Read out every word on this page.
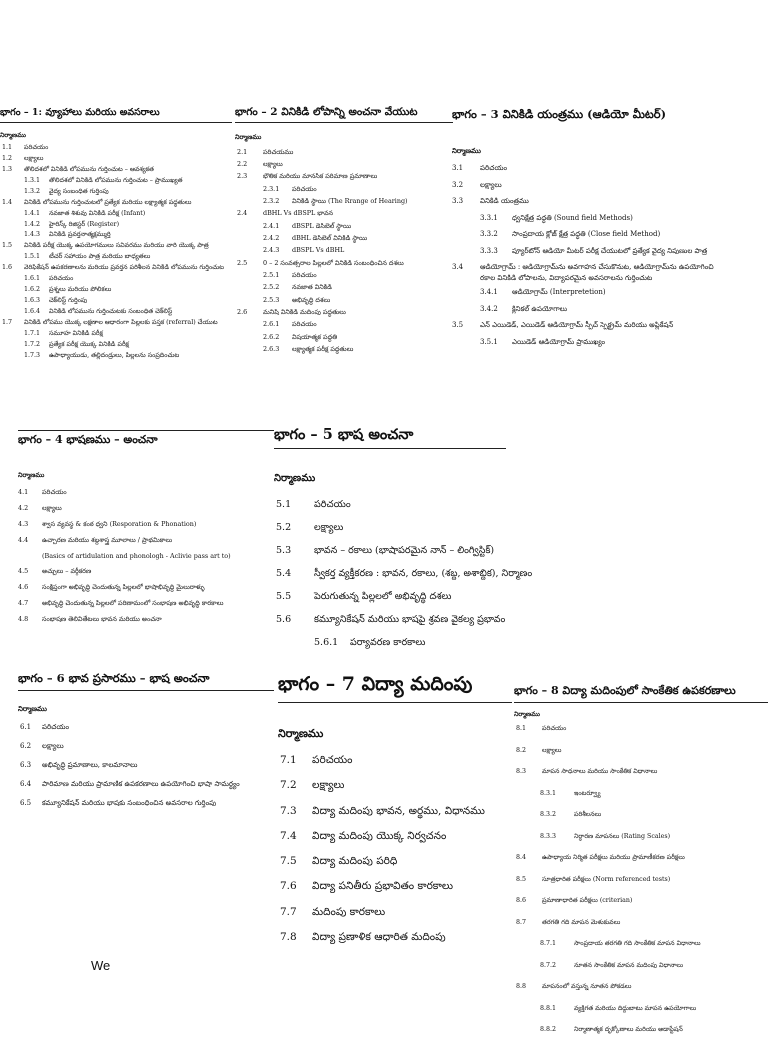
భాగం – 1: వ్యూహాలు మరియు అవసరాలు
నిర్మాణము
1.1 పరిచయం
1.2 లక్ష్యాలు
1.3 తొలిదశలో వినికిడి లోపమును గుర్తించుట – ఆవశ్యకత
1.3.1 తొలిదశలో వినికిడి లోపమును గుర్తించుట – ప్రాముఖ్యత
1.3.2 వైద్య సంబంధిత గుర్తింపు
1.4 వినికిడి లోపమును గుర్తించుటలో ప్రత్యేక మరియు లక్ష్యాత్మక పద్ధతులు
1.4.1 నవజాత శిశువు వినికిడి పరీక్ష (Infant)
1.4.2 హైరిస్క్ రిజిస్టర్ (Register)
1.4.3 వినికిడి ప్రవర్తనాత్మక్షమ్ముర్తి
1.5 వినికిడి పరీక్ష యొక్క ఉపయోగములు సవివరము మరియు వారి యొక్క పాత్ర
1.5.1 టీచర్ సహాయం పాత్ర మరియు బాధ్యతలు
1.6 వెరిఫికేషన్ ఉపకరణాలను మరియు ప్రవర్తన పరిశీలన వినికిడి లోపమును గుర్తించుట
1.6.1 పరిచయం
1.6.2 ప్రశ్నలు మరియు పోలికలు
1.6.3 చెక్‌లిస్ట్ గుర్తింపు
1.6.4 వినికిడి లోపమును గుర్తించుటకు సంబంధిత చెక్‌లిస్ట్
1.7 వినికిడి లోపము యొక్క లక్షణాల ఆధారంగా పిల్లలకు పస్తక (referral) చేయుట
1.7.1 సమూహ వినికిడి పరీక్ష
1.7.2 ప్రత్యేక పరీక్ష యొక్క వినికిడి పరీక్ష
1.7.3 ఉపాధ్యాయుడు, తల్లిదండ్రులు, పిల్లలను సంప్రదించుట
భాగం – 2 వినికిడి లోపాన్ని అంచనా వేయుట
నిర్మాణము
2.1 పరిచయము
2.2 లక్ష్యాలు
2.3 భౌతిక మరియు మానసిక పరిమాణ ప్రమాణాలు
2.3.1 పరిచయం
2.3.2 వినికిడి స్థాయి (The Rrange of Hearing)
2.4 dBHL Vs dBSPL భావన
2.4.1 dBSPL డెసిబెల్ స్థాయి
2.4.2 dBHL డెసిబెల్ వినికిడి స్థాయి
2.4.3 dBSPL Vs dBHL
2.5 0 – 2 సంవత్సరాల పిల్లలలో వినికిడి సంబంధించిన దశలు
2.5.1 పరిచయం
2.5.2 నవజాత వినికిడి
2.5.3 అభివృద్ధి దశలు
2.6 మనిషి వినికిడి మదింపు పద్ధతులు
2.6.1 పరిచయం
2.6.2 విషయాత్మక పద్ధతి
2.6.3 లక్ష్యాత్మక పరీక్ష పద్ధతులు
భాగం – 3 వినికిడి యంత్రము (ఆడియో మీటర్)
నిర్మాణము
3.1 పరిచయం
3.2 లక్ష్యాలు
3.3 వినికిడి యంత్రము
3.3.1 ధ్వనిక్షేత్ర పద్ధతి (Sound field Methods)
3.3.2 సాంప్రదాయ క్లోజ్ క్షేత్ర పద్ధతి (Close field Method)
3.3.3 ప్యూర్‌టోన్ ఆడియో మీటర్ పరీక్ష చేయుటలో ప్రత్యేక వైద్య నిపుణుల పాత్ర
3.4 ఆడియోగ్రామ్ : ఆడియోగ్రామ్‌ను అవగాహన చేసుకొనుట, ఆడియోగ్రామ్‌ను ఉపయోగించి
రకాల వినికిడి లోపాలను, విద్యాపరమైన అవసరాలను గుర్తించుట
3.4.1 ఆడియోగ్రామ్ (Interpretetion)
3.4.2 క్లినికల్ ఉపయోగాలు
3.5 ఎన్ ఎయిడెడ్, ఎయిడెడ్ ఆడియోగ్రామ్ స్పీచ్ స్పెక్ట్రమ్ మరియు అప్లికేషన్
3.5.1 ఎయిడెడ్ ఆడియోగ్రామ్ ప్రాముఖ్యం
భాగం – 4 భాషణము – అంచనా
నిర్మాణము
4.1 పరిచయం
4.2 లక్ష్యాలు
4.3 శ్వాస వ్యవస్థ & కంఠ ధ్వని (Resporation & Phonation)
4.4 ఉచ్చారణ మరియు శబ్దశాస్త్ర మూలాలు / ప్రాథమికాలు
(Basics of artidulation and phonologh - Aclivie pass art to)
4.5 అచ్చులు – వర్గీకరణ
4.6 సంక్షిప్తంగా అభివృద్ధి చెందుతున్న పిల్లలలో భాషాభివృద్ధి మైలురాళ్ళు
4.7 అభివృద్ధి చెందుతున్న పిల్లలలో పరిణామంలో సంభాషణ అభివృద్ధి కారకాలు
4.8 సంభాషణ తెలివితేటలు భావన మరియు అంచనా
భాగం – 5 భాష అంచనా
నిర్మాణము
5.1 పరిచయం
5.2 లక్ష్యాలు
5.3 భావన – రకాలు (భాషాపరమైన నాన్ – లింగ్విస్టిక్)
5.4 స్వీకర్త వ్యక్తీకరణ : భావన, రకాలు, (శబ్ద, అశాబ్దిక), నిర్మాణం
5.5 పెరుగుతున్న పిల్లలలో అభివృద్ధి దశలు
5.6 కమ్యూనికేషన్ మరియు భాషపై శ్రవణ వైకల్య ప్రభావం
5.6.1 పర్యావరణ కారకాలు
భాగం – 6 భావ ప్రసారము – భాష అంచనా
నిర్మాణము
6.1 పరిచయం
6.2 లక్ష్యాలు
6.3 అభివృద్ధి ప్రమాణాలు, కాలమానాలు
6.4 పారిమాణ మరియు ప్రామాణిక ఉపకరణాలు ఉపయోగించి భాషా సామర్థ్యం
6.5 కమ్యూనికేషన్ మరియు భాషకు సంబంధించిన అవసరాల గుర్తింపు
భాగం – 7 విద్యా మదింపు
నిర్మాణము
7.1 పరిచయం
7.2 లక్ష్యాలు
7.3 విద్యా మదింపు భావన, అర్థము, విధానము
7.4 విద్యా మదింపు యొక్క నిర్వచనం
7.5 విద్యా మదింపు పరిధి
7.6 విద్యా పనితీరు ప్రభావితం కారకాలు
7.7 మదింపు కారకాలు
7.8 విద్యా ప్రణాళిక ఆధారిత మదింపు
భాగం – 8 విద్యా మదింపులో సాంకేతిక ఉపకరణాలు
నిర్మాణము
8.1	పరిచయం
8.2	లక్ష్యాలు
8.3	మాపన సాధనాలు మరియు సాంకేతిక విధానాలు
8.3.1	ఇంటర్వ్యూ
8.3.2	పరిశీలనలు
8.3.3	నిర్ధారణ మాపనలు (Rating Scales)
8.4	ఉపాధ్యాయ నిర్మిత పరీక్షలు మరియు ప్రామాణీకరణ పరీక్షలు
8.5	సూత్రధారిత పరీక్షలు (Norm referenced tests)
8.6	ప్రమాణాధారిత పరీక్షలు (criterian)
8.7	తరగతి గది మాపన మెళుకువలు
8.7.1	సాంప్రదాయ తరగతి గది సాంకేతిక మాపన విధానాలు
8.7.2	నూతన సాంకేతిక మాపన మదింపు విధానాలు
8.8	మాపనంలో వస్తున్న నూతన పోకడలు
8.8.1	వ్యక్తిగత మరియు దిద్దుబాటు మాపన ఉపయోగాలు
8.8.2	నిర్మాణాత్మక దృక్కోణాలు మరియు అడాప్టేషన్
We
